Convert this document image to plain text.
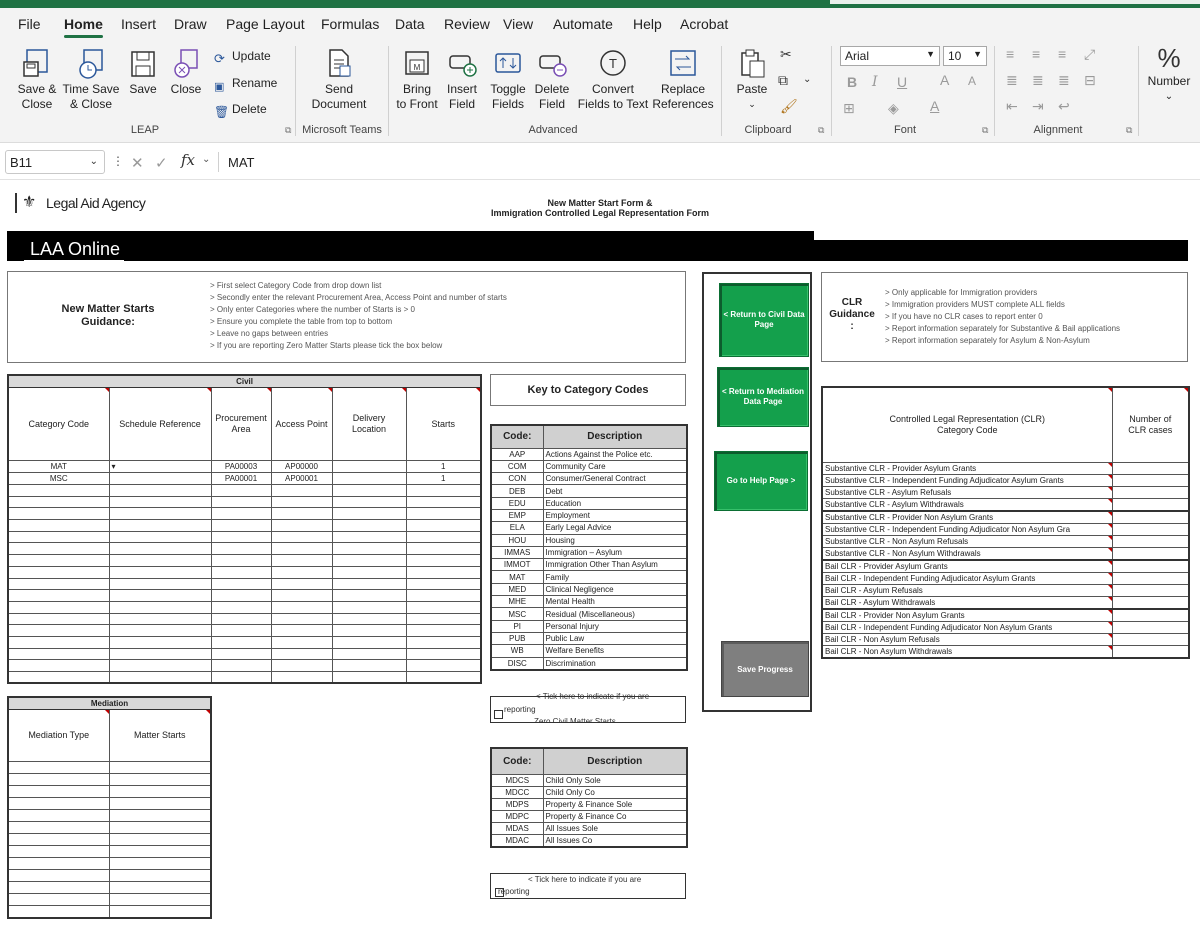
File Home Insert Draw Page Layout Formulas Data Review View Automate Help Acrobat
Save &
Close
Time Save
& Close
Save Close
⟳ Update
▣ Rename
🗑 Delete
LEAP	⧉
Send
Document
Microsoft Teams
M
Bring
to Front
Insert
Field
Toggle
Fields
Delete
Field
T
Convert
Fields to Text
Replace
References
Advanced
Paste
⌄
✂
⧉ ⌄
🖌
Clipboard	⧉
Arial	▼	10 ▼
B I U A A
⊞ ◈ A
Font	⧉
≡ ≡ ≡ ⤢
≣ ≣ ≣ ⊟
⇤ ⇥ ↩
Alignment	⧉
%
Number
⌄
B11	⌄ ⋮ ✕ ✓ fx ⌄ MAT
⚜ Legal Aid Agency	New Matter Start Form &
Immigration Controlled Legal Representation Form
LAA Online
New Matter Starts
Guidance:
> First select Category Code from drop down list
> Secondly enter the relevant Procurement Area, Access Point and number of starts
> Only enter Categories where the number of Starts is > 0
> Ensure you complete the table from top to bottom
> Leave no gaps between entries
> If you are reporting Zero Matter Starts please tick the box below
< Return to Civil Data Page
< Return to Mediation Data Page
Go to Help Page >
Save Progress
CLR
Guidance
:
> Only applicable for Immigration providers
> Immigration providers MUST complete ALL fields
> If you have no CLR cases to report enter 0
> Report information separately for Substantive & Bail applications
> Report information separately for Asylum & Non-Asylum
Civil					
Category Code	Schedule Reference	Procurement Area	Access Point	Delivery Location	Starts
MAT	▾	PA00003	AP00000		1
MSC		PA00001	AP00001		1

Key to Category Codes
Code:	Description
AAP	Actions Against the Police etc.
COM	Community Care
CON	Consumer/General Contract
DEB	Debt
EDU	Education
EMP	Employment
ELA	Early Legal Advice
HOU	Housing
IMMAS	Immigration – Asylum
IMMOT	Immigration Other Than Asylum
MAT	Family
MED	Clinical Negligence
MHE	Mental Health
MSC	Residual (Miscellaneous)
PI	Personal Injury
PUB	Public Law
WB	Welfare Benefits
DISC	Discrimination
< Tick here to indicate if you are
reporting
Zero Civil Matter Starts
Mediation	
Mediation Type	Matter Starts

Code:	Description
MDCS	Child Only Sole
MDCC	Child Only Co
MDPS	Property & Finance Sole
MDPC	Property & Finance Co
MDAS	All Issues Sole
MDAC	All Issues Co
< Tick here to indicate if you are
reporting
Controlled Legal Representation (CLR)
Category Code	Number of
CLR cases
Substantive CLR - Provider Asylum Grants	
Substantive CLR - Independent Funding Adjudicator Asylum Grants	
Substantive CLR - Asylum Refusals	
Substantive CLR - Asylum Withdrawals	
Substantive CLR - Provider Non Asylum Grants	
Substantive CLR - Independent Funding Adjudicator Non Asylum Gra	
Substantive CLR - Non Asylum Refusals	
Substantive CLR - Non Asylum Withdrawals	
Bail CLR - Provider Asylum Grants	
Bail CLR - Independent Funding Adjudicator Asylum Grants	
Bail CLR - Asylum Refusals	
Bail CLR - Asylum Withdrawals	
Bail CLR - Provider Non Asylum Grants	
Bail CLR - Independent Funding Adjudicator Non Asylum Grants	
Bail CLR - Non Asylum Refusals	
Bail CLR - Non Asylum Withdrawals	
